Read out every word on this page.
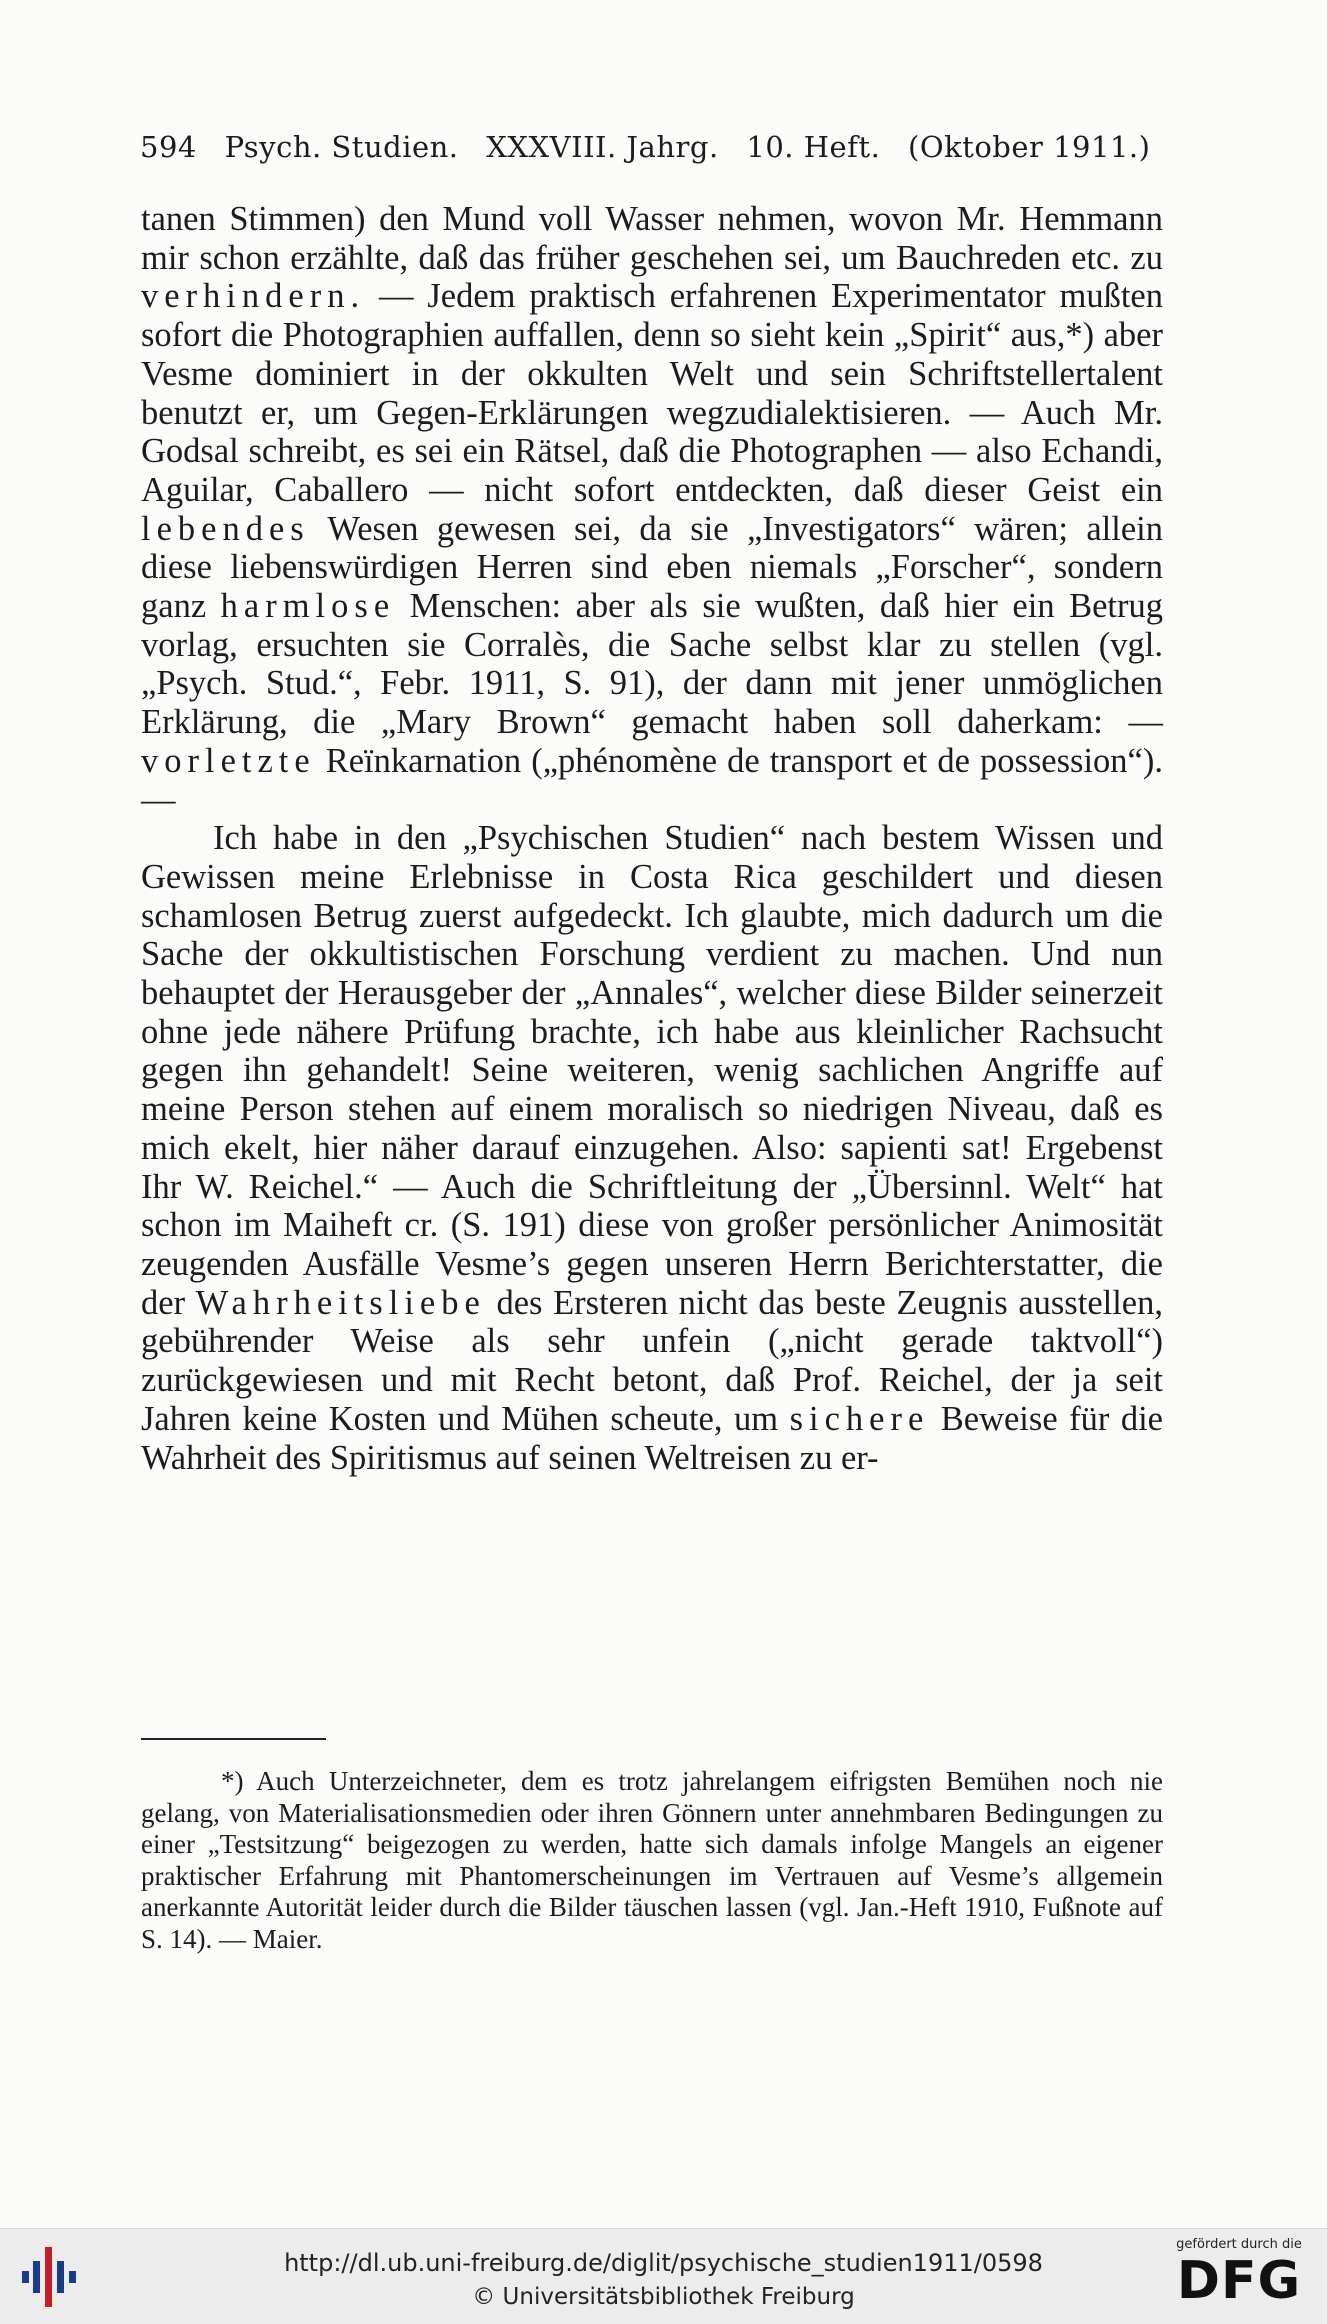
594 Psych. Studien. XXXVIII. Jahrg. 10. Heft. (Oktober 1911.)

tanen Stimmen) den Mund voll Wasser nehmen, wovon Mr. Hemmann mir schon erzählte, daß das früher geschehen sei, um Bauchreden etc. zu verhindern. — Jedem praktisch erfahrenen Experimentator mußten sofort die Photographien auffallen, denn so sieht kein „Spirit“ aus,*) aber Vesme dominiert in der okkulten Welt und sein Schriftstellertalent benutzt er, um Gegen-Erklärungen wegzudialektisieren. — Auch Mr. Godsal schreibt, es sei ein Rätsel, daß die Photographen — also Echandi, Aguilar, Caballero — nicht sofort entdeckten, daß dieser Geist ein lebendes Wesen gewesen sei, da sie „Investigators“ wären; allein diese liebenswürdigen Herren sind eben niemals „Forscher“, sondern ganz harmlose Menschen: aber als sie wußten, daß hier ein Betrug vorlag, ersuchten sie Corralès, die Sache selbst klar zu stellen (vgl. „Psych. Stud.“, Febr. 1911, S. 91), der dann mit jener unmöglichen Erklärung, die „Mary Brown“ gemacht haben soll daherkam: — vorletzte Reïnkarnation („phénomène de transport et de possession“). —

Ich habe in den „Psychischen Studien“ nach bestem Wissen und Gewissen meine Erlebnisse in Costa Rica geschildert und diesen schamlosen Betrug zuerst aufgedeckt. Ich glaubte, mich dadurch um die Sache der okkultistischen Forschung verdient zu machen. Und nun behauptet der Herausgeber der „Annales“, welcher diese Bilder seinerzeit ohne jede nähere Prüfung brachte, ich habe aus kleinlicher Rachsucht gegen ihn gehandelt! Seine weiteren, wenig sachlichen Angriffe auf meine Person stehen auf einem moralisch so niedrigen Niveau, daß es mich ekelt, hier näher darauf einzugehen. Also: sapienti sat! Ergebenst Ihr W. Reichel.“ — Auch die Schriftleitung der „Übersinnl. Welt“ hat schon im Maiheft cr. (S. 191) diese von großer persönlicher Animosität zeugenden Ausfälle Vesme’s gegen unseren Herrn Berichterstatter, die der Wahrheitsliebe des Ersteren nicht das beste Zeugnis ausstellen, gebührender Weise als sehr unfein („nicht gerade taktvoll“) zurückgewiesen und mit Recht betont, daß Prof. Reichel, der ja seit Jahren keine Kosten und Mühen scheute, um sichere Beweise für die Wahrheit des Spiritismus auf seinen Weltreisen zu er-

*) Auch Unterzeichneter, dem es trotz jahrelangem eifrigsten Bemühen noch nie gelang, von Materialisationsmedien oder ihren Gönnern unter annehmbaren Bedingungen zu einer „Testsitzung“ beigezogen zu werden, hatte sich damals infolge Mangels an eigener praktischer Erfahrung mit Phantomerscheinungen im Vertrauen auf Vesme’s allgemein anerkannte Autorität leider durch die Bilder täuschen lassen (vgl. Jan.-Heft 1910, Fußnote auf S. 14). — Maier.

http://dl.ub.uni-freiburg.de/diglit/psychische_studien1911/0598
© Universitätsbibliothek Freiburg
gefördert durch die
DFG
